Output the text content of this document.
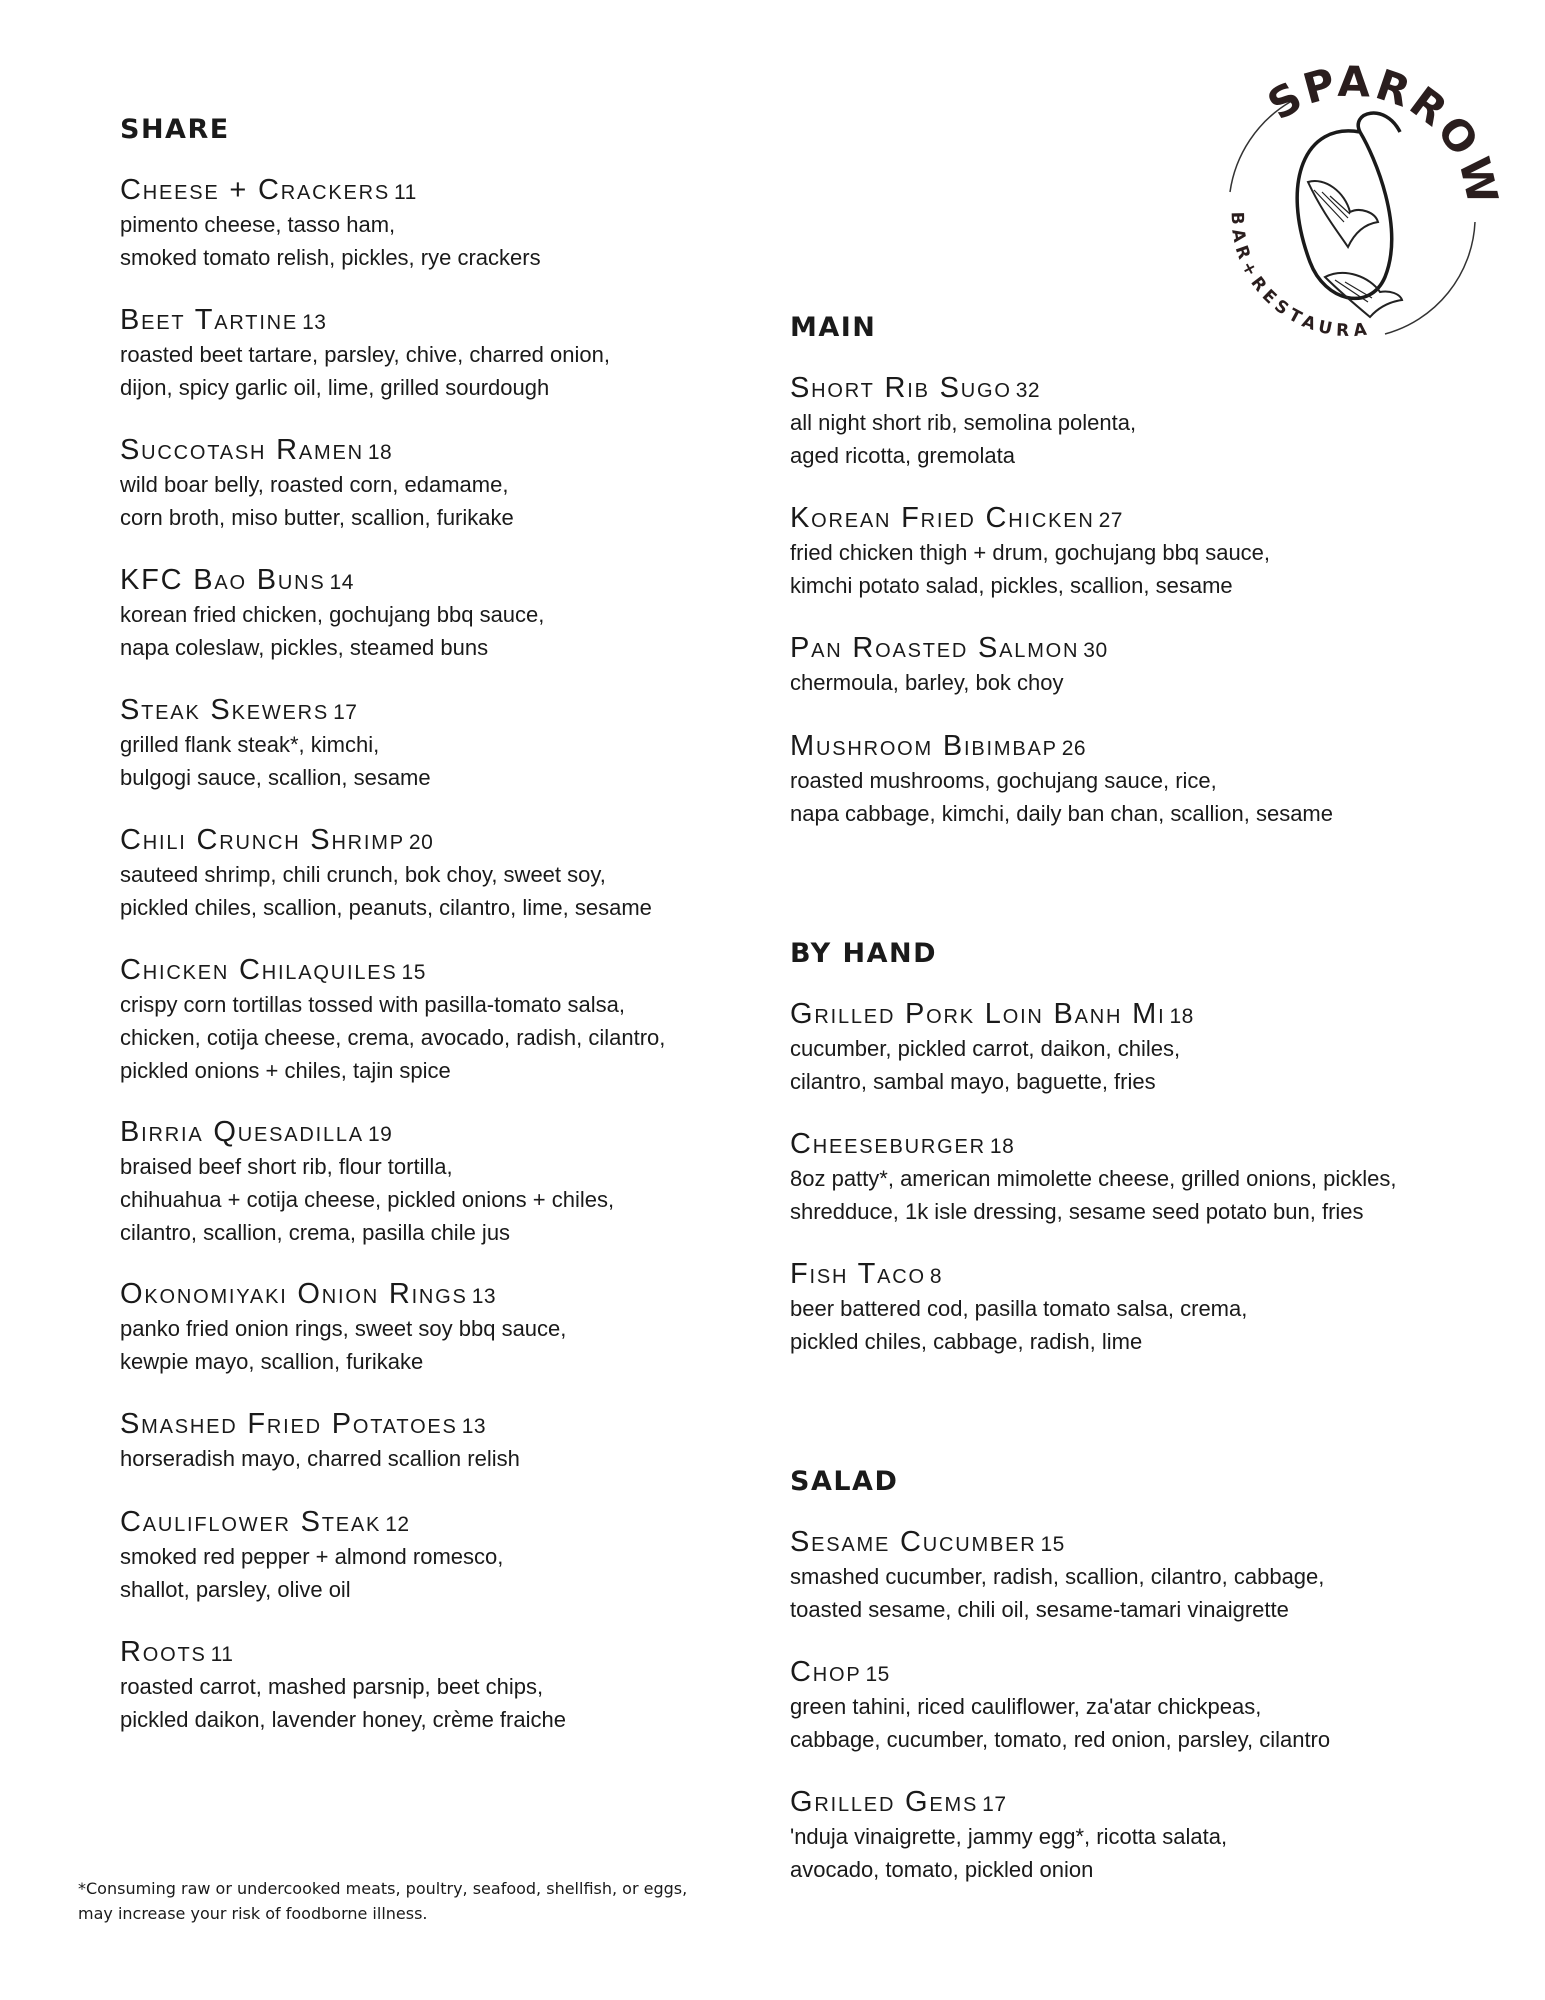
SPARROW
BAR+RESTAURA
SHARE
Cheese + Crackers 11
pimento cheese, tasso ham,
smoked tomato relish, pickles, rye crackers
Beet Tartine 13
roasted beet tartare, parsley, chive, charred onion,
dijon, spicy garlic oil, lime, grilled sourdough
Succotash Ramen 18
wild boar belly, roasted corn, edamame,
corn broth, miso butter, scallion, furikake
KFC Bao Buns 14
korean fried chicken, gochujang bbq sauce,
napa coleslaw, pickles, steamed buns
Steak Skewers 17
grilled flank steak*, kimchi,
bulgogi sauce, scallion, sesame
Chili Crunch Shrimp 20
sauteed shrimp, chili crunch, bok choy, sweet soy,
pickled chiles, scallion, peanuts, cilantro, lime, sesame
Chicken Chilaquiles 15
crispy corn tortillas tossed with pasilla-tomato salsa,
chicken, cotija cheese, crema, avocado, radish, cilantro,
pickled onions + chiles, tajin spice
Birria Quesadilla 19
braised beef short rib, flour tortilla,
chihuahua + cotija cheese, pickled onions + chiles,
cilantro, scallion, crema, pasilla chile jus
Okonomiyaki Onion Rings 13
panko fried onion rings, sweet soy bbq sauce,
kewpie mayo, scallion, furikake
Smashed Fried Potatoes 13
horseradish mayo, charred scallion relish
Cauliflower Steak 12
smoked red pepper + almond romesco,
shallot, parsley, olive oil
Roots 11
roasted carrot, mashed parsnip, beet chips,
pickled daikon, lavender honey, crème fraiche
MAIN
Short Rib Sugo 32
all night short rib, semolina polenta,
aged ricotta, gremolata
Korean Fried Chicken 27
fried chicken thigh + drum, gochujang bbq sauce,
kimchi potato salad, pickles, scallion, sesame
Pan Roasted Salmon 30
chermoula, barley, bok choy
Mushroom Bibimbap 26
roasted mushrooms, gochujang sauce, rice,
napa cabbage, kimchi, daily ban chan, scallion, sesame
BY HAND
Grilled Pork Loin Banh Mi 18
cucumber, pickled carrot, daikon, chiles,
cilantro, sambal mayo, baguette, fries
Cheeseburger 18
8oz patty*, american mimolette cheese, grilled onions, pickles,
shredduce, 1k isle dressing, sesame seed potato bun, fries
Fish Taco 8
beer battered cod, pasilla tomato salsa, crema,
pickled chiles, cabbage, radish, lime
SALAD
Sesame Cucumber 15
smashed cucumber, radish, scallion, cilantro, cabbage,
toasted sesame, chili oil, sesame-tamari vinaigrette
Chop 15
green tahini, riced cauliflower, za'atar chickpeas,
cabbage, cucumber, tomato, red onion, parsley, cilantro
Grilled Gems 17
'nduja vinaigrette, jammy egg*, ricotta salata,
avocado, tomato, pickled onion
*Consuming raw or undercooked meats, poultry, seafood, shellfish, or eggs,
may increase your risk of foodborne illness.
